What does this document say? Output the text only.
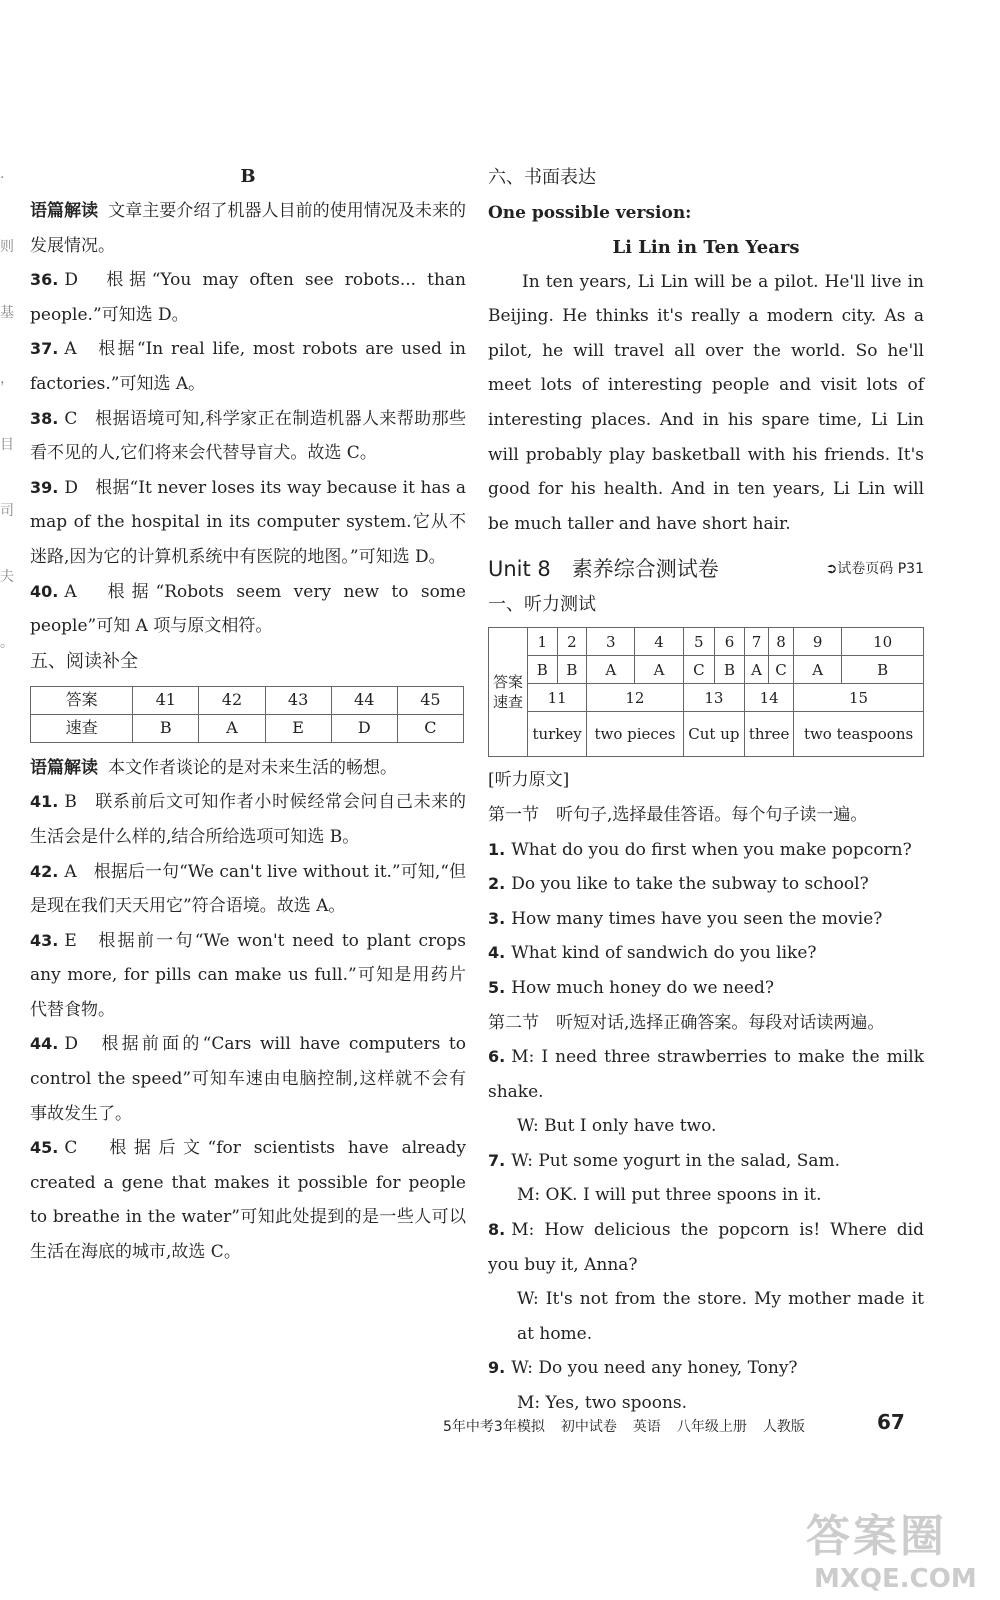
·
则
基
，
目
司
夫
。
B

语篇解读 文章主要介绍了机器人目前的使用情况及未来的发展情况。

36. D　根据“You may often see robots... than people.”可知选 D。

37. A　根据“In real life, most robots are used in factories.”可知选 A。

38. C　根据语境可知,科学家正在制造机器人来帮助那些看不见的人,它们将来会代替导盲犬。故选 C。

39. D　根据“It never loses its way because it has a map of the hospital in its computer system.它从不迷路,因为它的计算机系统中有医院的地图。”可知选 D。

40. A　根据“Robots seem very new to some people”可知 A 项与原文相符。

五、阅读补全

答案	41	42	43	44	45
速查	B	A	E	D	C

语篇解读 本文作者谈论的是对未来生活的畅想。

41. B　联系前后文可知作者小时候经常会问自己未来的生活会是什么样的,结合所给选项可知选 B。

42. A　根据后一句“We can't live without it.”可知,“但是现在我们天天用它”符合语境。故选 A。

43. E　根据前一句“We won't need to plant crops any more, for pills can make us full.”可知是用药片代替食物。

44. D　根据前面的“Cars will have computers to control the speed”可知车速由电脑控制,这样就不会有事故发生了。

45. C　根据后文“for scientists have already created a gene that makes it possible for people to breathe in the water”可知此处提到的是一些人可以生活在海底的城市,故选 C。

六、书面表达

One possible version:

Li Lin in Ten Years

In ten years, Li Lin will be a pilot. He'll live in Beijing. He thinks it's really a modern city. As a pilot, he will travel all over the world. So he'll meet lots of interesting people and visit lots of interesting places. And in his spare time, Li Lin will probably play basketball with his friends. It's good for his health. And in ten years, Li Lin will be much taller and have short hair.

Unit 8　素养综合测试卷	➲试卷页码 P31

一、听力测试

答案
速查	1	2	3	4	5	6	7	8	9	10
	B	B	A	A	C	B	A	C	A	B
	11		12		13		14		15	
	turkey		two pieces		Cut up		three		two teaspoons	

[听力原文]

第一节　听句子,选择最佳答语。每个句子读一遍。

1. What do you do first when you make popcorn?

2. Do you like to take the subway to school?

3. How many times have you seen the movie?

4. What kind of sandwich do you like?

5. How much honey do we need?

第二节　听短对话,选择正确答案。每段对话读两遍。

6. M: I need three strawberries to make the milk shake.

W: But I only have two.

7. W: Put some yogurt in the salad, Sam.

M: OK. I will put three spoons in it.

8. M: How delicious the popcorn is! Where did you buy it, Anna?

W: It's not from the store. My mother made it at home.

9. W: Do you need any honey, Tony?

M: Yes, two spoons.

5年中考3年模拟 初中试卷 英语 八年级上册 人教版	67
答案圈
MXQE.COM
